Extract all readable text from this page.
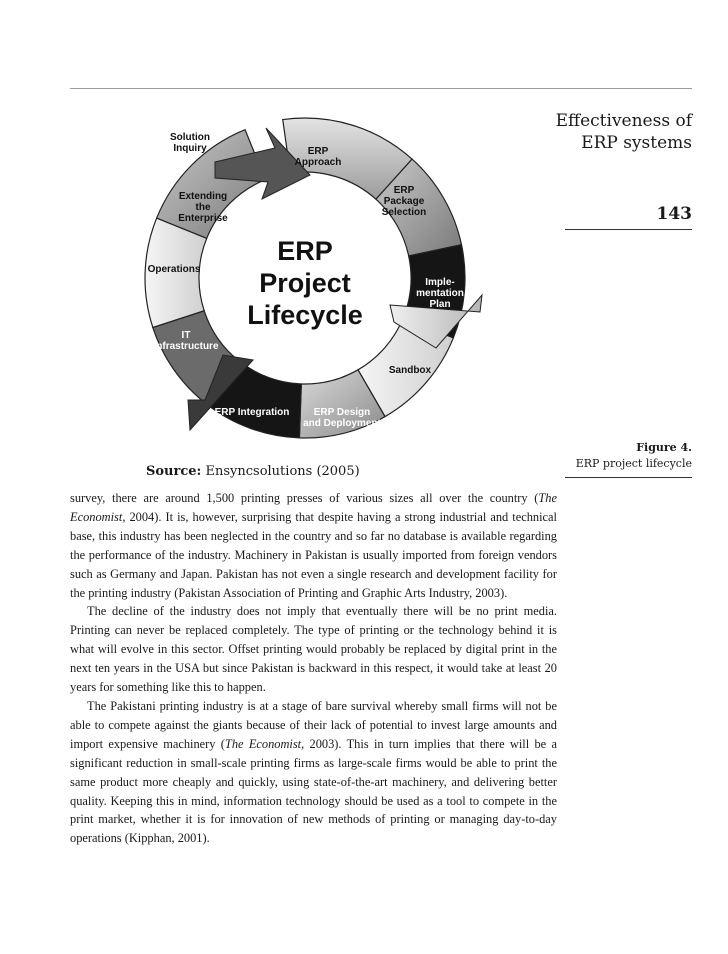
Effectiveness of
ERP systems
143
Solution Inquiry	ERP Approach
ERP Package Selection
Imple-mentation Plan
Sandbox
ERP Design and Deployment
ERP Integration
IT Infrastructure
Operations
Extending the Enterprise
ERP Project Lifecycle
Figure 4.
ERP project lifecycle
Source: Ensyncsolutions (2005)

survey, there are around 1,500 printing presses of various sizes all over the country (The Economist, 2004). It is, however, surprising that despite having a strong industrial and technical base, this industry has been neglected in the country and so far no database is available regarding the performance of the industry. Machinery in Pakistan is usually imported from foreign vendors such as Germany and Japan. Pakistan has not even a single research and development facility for the printing industry (Pakistan Association of Printing and Graphic Arts Industry, 2003).

The decline of the industry does not imply that eventually there will be no print media. Printing can never be replaced completely. The type of printing or the technology behind it is what will evolve in this sector. Offset printing would probably be replaced by digital print in the next ten years in the USA but since Pakistan is backward in this respect, it would take at least 20 years for something like this to happen.

The Pakistani printing industry is at a stage of bare survival whereby small firms will not be able to compete against the giants because of their lack of potential to invest large amounts and import expensive machinery (The Economist, 2003). This in turn implies that there will be a significant reduction in small-scale printing firms as large-scale firms would be able to print the same product more cheaply and quickly, using state-of-the-art machinery, and delivering better quality. Keeping this in mind, information technology should be used as a tool to compete in the print market, whether it is for innovation of new methods of printing or managing day-to-day operations (Kipphan, 2001).
